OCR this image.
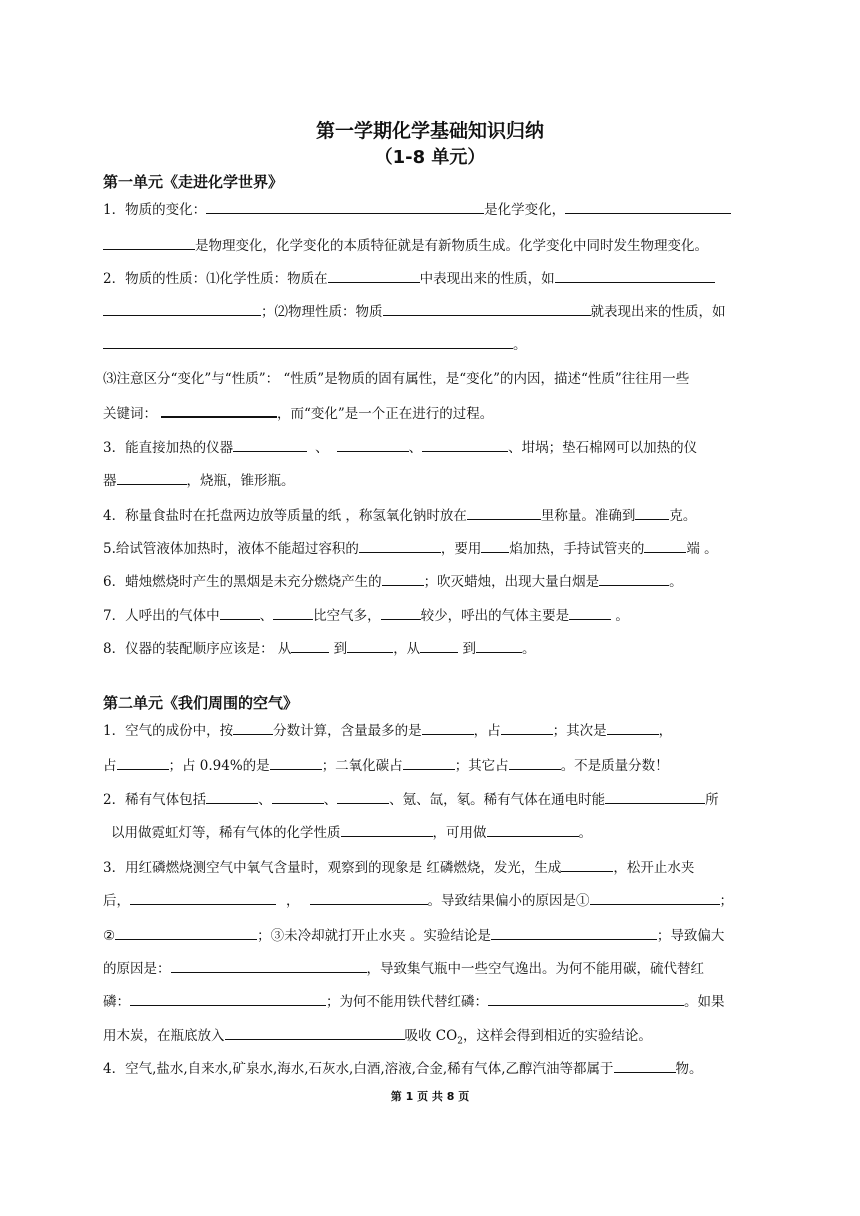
第一学期化学基础知识归纳
（1-8 单元）
第一单元《走进化学世界》
1．物质的变化：	是化学变化，
是物理变化，化学变化的本质特征就是有新物质生成。化学变化中同时发生物理变化。
2．物质的性质：⑴化学性质：物质在	中表现出来的性质，如
；⑵物理性质：物质	就表现出来的性质，如
。
⑶注意区分“变化”与“性质”： “性质”是物质的固有属性，是“变化”的内因，描述“性质”往往用一些
关键词：	，而“变化”是一个正在进行的过程。
3．能直接加热的仪器	、	、	、坩埚；垫石棉网可以加热的仪
器	，烧瓶，锥形瓶。
4．称量食盐时在托盘两边放等质量的纸 ，称氢氧化钠时放在	里称量。准确到	克。
5.给试管液体加热时，液体不能超过容积的	，要用 焰加热，手持试管夹的	端 。
6．蜡烛燃烧时产生的黑烟是未充分燃烧产生的	；吹灭蜡烛，出现大量白烟是	。
7．人呼出的气体中	、	比空气多，	较少，呼出的气体主要是	。
8．仪器的装配顺序应该是： 从	到	，从	到	。
第二单元《我们周围的空气》
1．空气的成份中，按	分数计算，含量最多的是	，占	；其次是	，
占	；占 0.94%的是	；二氧化碳占	；其它占	。不是质量分数！
2．稀有气体包括	、	、	、氪、氙，氡。稀有气体在通电时能	所
以用做霓虹灯等，稀有气体的化学性质	，可用做	。
3．用红磷燃烧测空气中氧气含量时，观察到的现象是 红磷燃烧，发光，生成	，松开止水夹
后，	，	。导致结果偏小的原因是①	；
②	；③未冷却就打开止水夹 。实验结论是	；导致偏大
的原因是：	，导致集气瓶中一些空气逸出。为何不能用碳，硫代替红
磷：	；为何不能用铁代替红磷：	。如果
用木炭，在瓶底放入	吸收 $CO_2$，这样会得到相近的实验结论。
4．空气,盐水,自来水,矿泉水,海水,石灰水,白酒,溶液,合金,稀有气体,乙醇汽油等都属于	物。
第 1 页 共 8 页
